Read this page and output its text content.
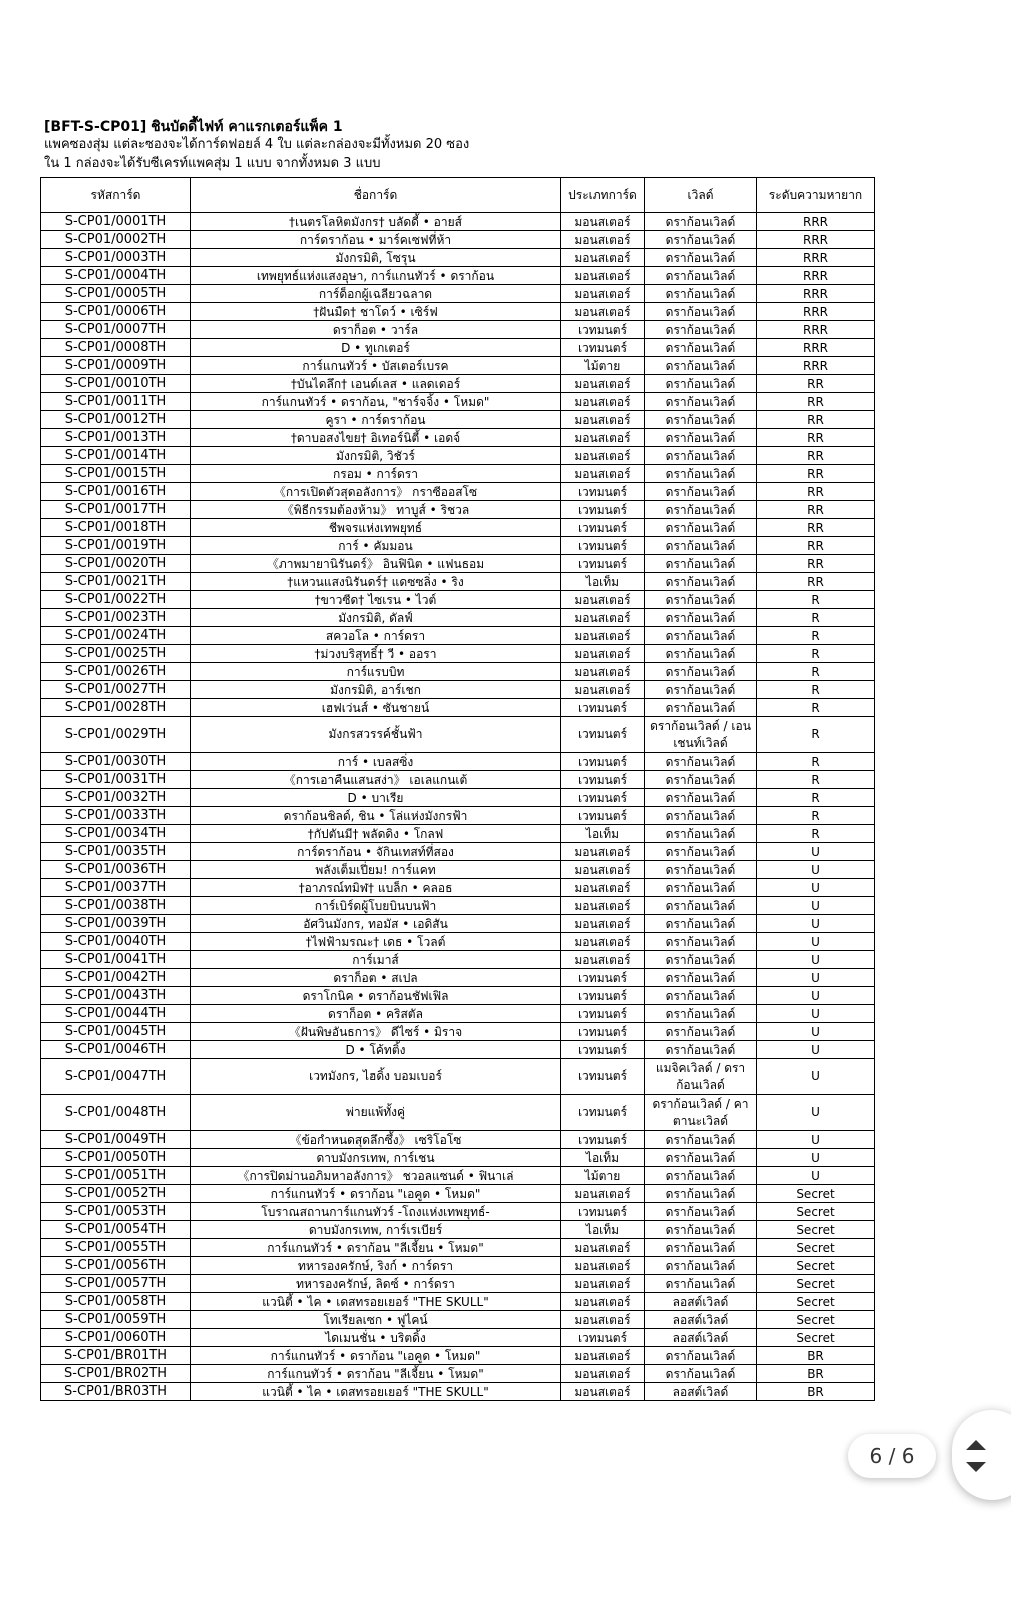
[BFT-S-CP01] ชินบัดดี้ไฟท์ คาแรกเตอร์แพ็ค 1
แพคซองสุ่ม แต่ละซองจะได้การ์ดฟอยล์ 4 ใบ แต่ละกล่องจะมีทั้งหมด 20 ซอง
ใน 1 กล่องจะได้รับซีเครท์แพคสุ่ม 1 แบบ จากทั้งหมด 3 แบบ
รหัสการ์ด	ชื่อการ์ด	ประเภทการ์ด	เวิลด์	ระดับความหายาก
S-CP01/0001TH	†เนตรโลหิตมังกร† บลัดดี้ • อายส์	มอนสเตอร์	ดราก้อนเวิลด์	RRR
S-CP01/0002TH	การ์ดราก้อน • มาร์คเซฟที่ห้า	มอนสเตอร์	ดราก้อนเวิลด์	RRR
S-CP01/0003TH	มังกรมิติ, โซรุน	มอนสเตอร์	ดราก้อนเวิลด์	RRR
S-CP01/0004TH	เทพยุทธ์แห่งแสงอุษา, การ์แกนทัวร์ • ดราก้อน	มอนสเตอร์	ดราก้อนเวิลด์	RRR
S-CP01/0005TH	การ์ด็อกผู้เฉลียวฉลาด	มอนสเตอร์	ดราก้อนเวิลด์	RRR
S-CP01/0006TH	†ฝันมืด† ชาโดว์ • เซิร์ฟ	มอนสเตอร์	ดราก้อนเวิลด์	RRR
S-CP01/0007TH	ดราก็อต • วาร์ล	เวทมนตร์	ดราก้อนเวิลด์	RRR
S-CP01/0008TH	D • ทูเกเตอร์	เวทมนตร์	ดราก้อนเวิลด์	RRR
S-CP01/0009TH	การ์แกนทัวร์ • บัสเตอร์เบรค	ไม้ตาย	ดราก้อนเวิลด์	RRR
S-CP01/0010TH	†บันไดลึก† เอนด์เลส • แลดเดอร์	มอนสเตอร์	ดราก้อนเวิลด์	RR
S-CP01/0011TH	การ์แกนทัวร์ • ดราก้อน, "ชาร์จจิ้ง • โหมด"	มอนสเตอร์	ดราก้อนเวิลด์	RR
S-CP01/0012TH	คูรา • การ์ดราก้อน	มอนสเตอร์	ดราก้อนเวิลด์	RR
S-CP01/0013TH	†ดาบอสงไขย† อิเทอร์นิตี้ • เอดจ์	มอนสเตอร์	ดราก้อนเวิลด์	RR
S-CP01/0014TH	มังกรมิติ, วิชัวร์	มอนสเตอร์	ดราก้อนเวิลด์	RR
S-CP01/0015TH	กรอม • การ์ดรา	มอนสเตอร์	ดราก้อนเวิลด์	RR
S-CP01/0016TH	《การเปิดตัวสุดอลังการ》 กราซีออสโซ	เวทมนตร์	ดราก้อนเวิลด์	RR
S-CP01/0017TH	《พิธีกรรมต้องห้าม》 ทาบูส์ • ริชวล	เวทมนตร์	ดราก้อนเวิลด์	RR
S-CP01/0018TH	ชีพจรแห่งเทพยุทธ์	เวทมนตร์	ดราก้อนเวิลด์	RR
S-CP01/0019TH	การ์ • คัมมอน	เวทมนตร์	ดราก้อนเวิลด์	RR
S-CP01/0020TH	《ภาพมายานิรันดร์》 อินฟินิต • แฟนธอม	เวทมนตร์	ดราก้อนเวิลด์	RR
S-CP01/0021TH	†แหวนแสงนิรันดร์† แดซซลิ่ง • ริง	ไอเท็ม	ดราก้อนเวิลด์	RR
S-CP01/0022TH	†ขาวซีด† ไซเรน • ไวต์	มอนสเตอร์	ดราก้อนเวิลด์	R
S-CP01/0023TH	มังกรมิติ, ดัลฟ์	มอนสเตอร์	ดราก้อนเวิลด์	R
S-CP01/0024TH	สควอโล • การ์ดรา	มอนสเตอร์	ดราก้อนเวิลด์	R
S-CP01/0025TH	†ม่วงบริสุทธิ์† วี • ออรา	มอนสเตอร์	ดราก้อนเวิลด์	R
S-CP01/0026TH	การ์แรบบิท	มอนสเตอร์	ดราก้อนเวิลด์	R
S-CP01/0027TH	มังกรมิติ, อาร์เชก	มอนสเตอร์	ดราก้อนเวิลด์	R
S-CP01/0028TH	เฮฟเว่นส์ • ซันชายน์	เวทมนตร์	ดราก้อนเวิลด์	R
S-CP01/0029TH	มังกรสวรรค์ชั้นฟ้า	เวทมนตร์	ดราก้อนเวิลด์ / เอนเชนท์เวิลด์	R
S-CP01/0030TH	การ์ • เบลสซิ่ง	เวทมนตร์	ดราก้อนเวิลด์	R
S-CP01/0031TH	《การเอาคืนแสนสง่า》 เอเลแกนเต้	เวทมนตร์	ดราก้อนเวิลด์	R
S-CP01/0032TH	D • บาเรีย	เวทมนตร์	ดราก้อนเวิลด์	R
S-CP01/0033TH	ดราก้อนชิลด์, ชิน • โล่แห่งมังกรฟ้า	เวทมนตร์	ดราก้อนเวิลด์	R
S-CP01/0034TH	†กัปตันมี† พลัดดิง • โกลฟ	ไอเท็ม	ดราก้อนเวิลด์	R
S-CP01/0035TH	การ์ดราก้อน • จักินเทสท์ที่สอง	มอนสเตอร์	ดราก้อนเวิลด์	U
S-CP01/0036TH	พลังเต็มเปี่ยม! การ์แคท	มอนสเตอร์	ดราก้อนเวิลด์	U
S-CP01/0037TH	†อาภรณ์ทมิฬ† แบล็ก • คลอธ	มอนสเตอร์	ดราก้อนเวิลด์	U
S-CP01/0038TH	การ์เบิร์ดผู้โบยบินบนฟ้า	มอนสเตอร์	ดราก้อนเวิลด์	U
S-CP01/0039TH	อัศวินมังกร, ทอมัส • เอดิสัน	มอนสเตอร์	ดราก้อนเวิลด์	U
S-CP01/0040TH	†ไฟฟ้ามรณะ† เดธ • โวลต์	มอนสเตอร์	ดราก้อนเวิลด์	U
S-CP01/0041TH	การ์เมาส์	มอนสเตอร์	ดราก้อนเวิลด์	U
S-CP01/0042TH	ดราก็อต • สเปล	เวทมนตร์	ดราก้อนเวิลด์	U
S-CP01/0043TH	ดราโกนิค • ดราก้อนชัฟเฟิล	เวทมนตร์	ดราก้อนเวิลด์	U
S-CP01/0044TH	ดราก็อต • คริสตัล	เวทมนตร์	ดราก้อนเวิลด์	U
S-CP01/0045TH	《ฝันพิษอันธการ》 ดีไซร์ • มิราจ	เวทมนตร์	ดราก้อนเวิลด์	U
S-CP01/0046TH	D • โค้ทติ้ง	เวทมนตร์	ดราก้อนเวิลด์	U
S-CP01/0047TH	เวทมังกร, ไฮดิ้ง บอมเบอร์	เวทมนตร์	แมจิคเวิลด์ / ดราก้อนเวิลด์	U
S-CP01/0048TH	พ่ายแพ้ทั้งคู่	เวทมนตร์	ดราก้อนเวิลด์ / คาตานะเวิลด์	U
S-CP01/0049TH	《ข้อกำหนดสุดลึกซึ้ง》 เซริโอโซ	เวทมนตร์	ดราก้อนเวิลด์	U
S-CP01/0050TH	ดาบมังกรเทพ, การ์เชน	ไอเท็ม	ดราก้อนเวิลด์	U
S-CP01/0051TH	《การปิดม่านอภิมหาอลังการ》 ชวอลแซนด์ • ฟินาเล่	ไม้ตาย	ดราก้อนเวิลด์	U
S-CP01/0052TH	การ์แกนทัวร์ • ดราก้อน "เอคูด • โหมด"	มอนสเตอร์	ดราก้อนเวิลด์	Secret
S-CP01/0053TH	โบราณสถานการ์แกนทัวร์ -โถงแห่งเทพยุทธ์-	เวทมนตร์	ดราก้อนเวิลด์	Secret
S-CP01/0054TH	ดาบมังกรเทพ, การ์เรเบียร์	ไอเท็ม	ดราก้อนเวิลด์	Secret
S-CP01/0055TH	การ์แกนทัวร์ • ดราก้อน "ลีเจี้ยน • โหมด"	มอนสเตอร์	ดราก้อนเวิลด์	Secret
S-CP01/0056TH	ทหารองครักษ์, ริงก์ • การ์ดรา	มอนสเตอร์	ดราก้อนเวิลด์	Secret
S-CP01/0057TH	ทหารองครักษ์, ลิดซ์ • การ์ดรา	มอนสเตอร์	ดราก้อนเวิลด์	Secret
S-CP01/0058TH	แวนิตี้ • ไค • เดสทรอยเยอร์ "THE SKULL"	มอนสเตอร์	ลอสต์เวิลด์	Secret
S-CP01/0059TH	โทเรียลเซก • ฟูไคน์	มอนสเตอร์	ลอสต์เวิลด์	Secret
S-CP01/0060TH	ไดเมนชั่น • บริตดิ้ง	เวทมนตร์	ลอสต์เวิลด์	Secret
S-CP01/BR01TH	การ์แกนทัวร์ • ดราก้อน "เอคูด • โหมด"	มอนสเตอร์	ดราก้อนเวิลด์	BR
S-CP01/BR02TH	การ์แกนทัวร์ • ดราก้อน "ลีเจี้ยน • โหมด"	มอนสเตอร์	ดราก้อนเวิลด์	BR
S-CP01/BR03TH	แวนิตี้ • ไค • เดสทรอยเยอร์ "THE SKULL"	มอนสเตอร์	ลอสต์เวิลด์	BR
6 / 6
